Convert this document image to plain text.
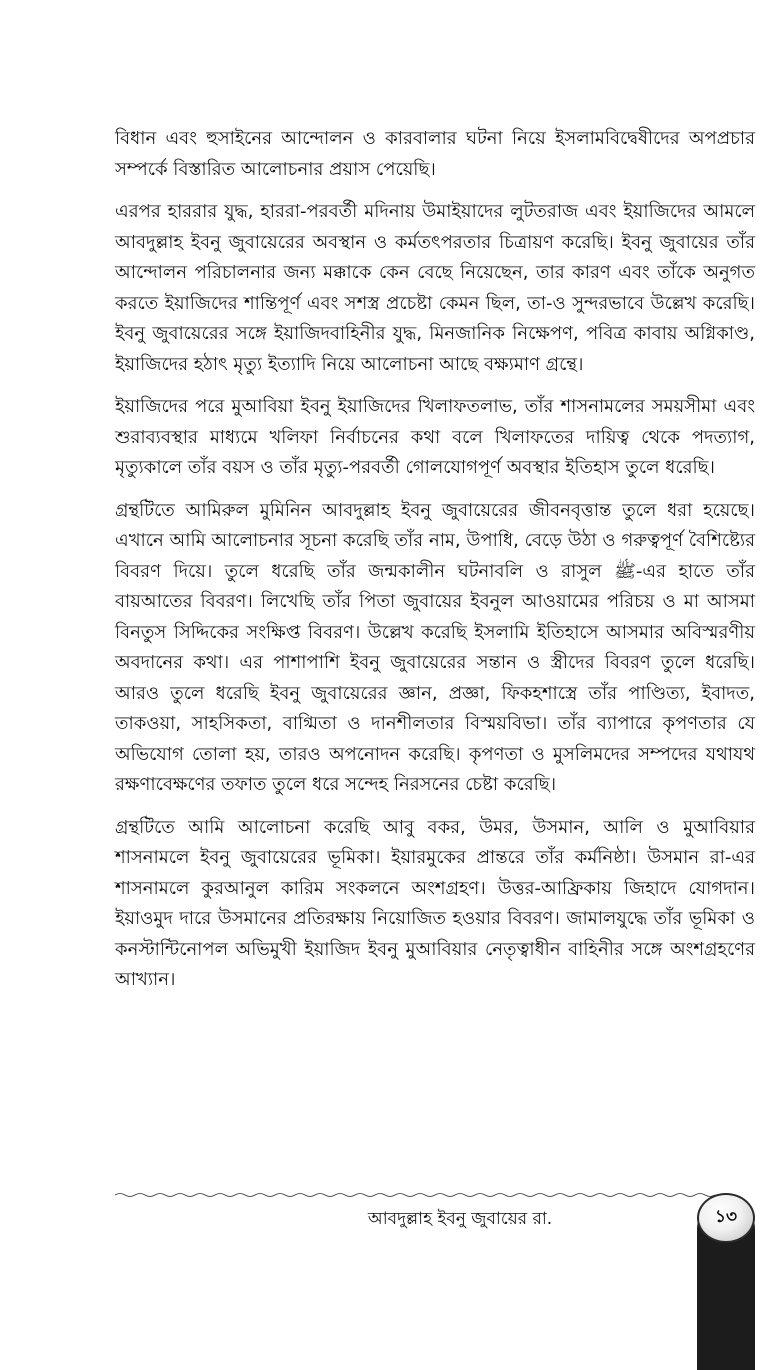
বিধান এবং হুসাইনের আন্দোলন ও কারবালার ঘটনা নিয়ে ইসলামবিদ্বেষীদের অপপ্রচার সম্পর্কে বিস্তারিত আলোচনার প্রয়াস পেয়েছি।

এরপর হাররার যুদ্ধ, হাররা-পরবর্তী মদিনায় উমাইয়াদের লুটতরাজ এবং ইয়াজিদের আমলে আবদুল্লাহ ইবনু জুবায়েরের অবস্থান ও কর্মতৎপরতার চিত্রায়ণ করেছি। ইবনু জুবায়ের তাঁর আন্দোলন পরিচালনার জন্য মক্কাকে কেন বেছে নিয়েছেন, তার কারণ এবং তাঁকে অনুগত করতে ইয়াজিদের শান্তিপূর্ণ এবং সশস্ত্র প্রচেষ্টা কেমন ছিল, তা-ও সুন্দরভাবে উল্লেখ করেছি। ইবনু জুবায়েরের সঙ্গে ইয়াজিদবাহিনীর যুদ্ধ, মিনজানিক নিক্ষেপণ, পবিত্র কাবায় অগ্নিকাণ্ড, ইয়াজিদের হঠাৎ মৃত্যু ইত্যাদি নিয়ে আলোচনা আছে বক্ষ্যমাণ গ্রন্থে।

ইয়াজিদের পরে মুআবিয়া ইবনু ইয়াজিদের খিলাফতলাভ, তাঁর শাসনামলের সময়সীমা এবং শুরাব্যবস্থার মাধ্যমে খলিফা নির্বাচনের কথা বলে খিলাফতের দায়িত্ব থেকে পদত্যাগ, মৃত্যুকালে তাঁর বয়স ও তাঁর মৃত্যু-পরবর্তী গোলযোগপূর্ণ অবস্থার ইতিহাস তুলে ধরেছি।

গ্রন্থটিতে আমিরুল মুমিনিন আবদুল্লাহ ইবনু জুবায়েরের জীবনবৃত্তান্ত তুলে ধরা হয়েছে। এখানে আমি আলোচনার সূচনা করেছি তাঁর নাম, উপাধি, বেড়ে উঠা ও গরুত্বপূর্ণ বৈশিষ্ট্যের বিবরণ দিয়ে। তুলে ধরেছি তাঁর জন্মকালীন ঘটনাবলি ও রাসুল ﷺ-এর হাতে তাঁর বায়আতের বিবরণ। লিখেছি তাঁর পিতা জুবায়ের ইবনুল আওয়ামের পরিচয় ও মা আসমা বিনতুস সিদ্দিকের সংক্ষিপ্ত বিবরণ। উল্লেখ করেছি ইসলামি ইতিহাসে আসমার অবিস্মরণীয় অবদানের কথা। এর পাশাপাশি ইবনু জুবায়েরের সন্তান ও স্ত্রীদের বিবরণ তুলে ধরেছি। আরও তুলে ধরেছি ইবনু জুবায়েরের জ্ঞান, প্রজ্ঞা, ফিকহশাস্ত্রে তাঁর পাণ্ডিত্য, ইবাদত, তাকওয়া, সাহসিকতা, বাগ্মিতা ও দানশীলতার বিস্ময়বিভা। তাঁর ব্যাপারে কৃপণতার যে অভিযোগ তোলা হয়, তারও অপনোদন করেছি। কৃপণতা ও মুসলিমদের সম্পদের যথাযথ রক্ষণাবেক্ষণের তফাত তুলে ধরে সন্দেহ নিরসনের চেষ্টা করেছি।

গ্রন্থটিতে আমি আলোচনা করেছি আবু বকর, উমর, উসমান, আলি ও মুআবিয়ার শাসনামলে ইবনু জুবায়েরের ভূমিকা। ইয়ারমুকের প্রান্তরে তাঁর কর্মনিষ্ঠা। উসমান রা-এর শাসনামলে কুরআনুল কারিম সংকলনে অংশগ্রহণ। উত্তর-আফ্রিকায় জিহাদে যোগদান। ইয়াওমুদ দারে উসমানের প্রতিরক্ষায় নিয়োজিত হওয়ার বিবরণ। জামালযুদ্ধে তাঁর ভূমিকা ও কনস্টান্টিনোপল অভিমুখী ইয়াজিদ ইবনু মুআবিয়ার নেতৃত্বাধীন বাহিনীর সঙ্গে অংশগ্রহণের আখ্যান।

আবদুল্লাহ ইবনু জুবায়ের রা.	১৩
